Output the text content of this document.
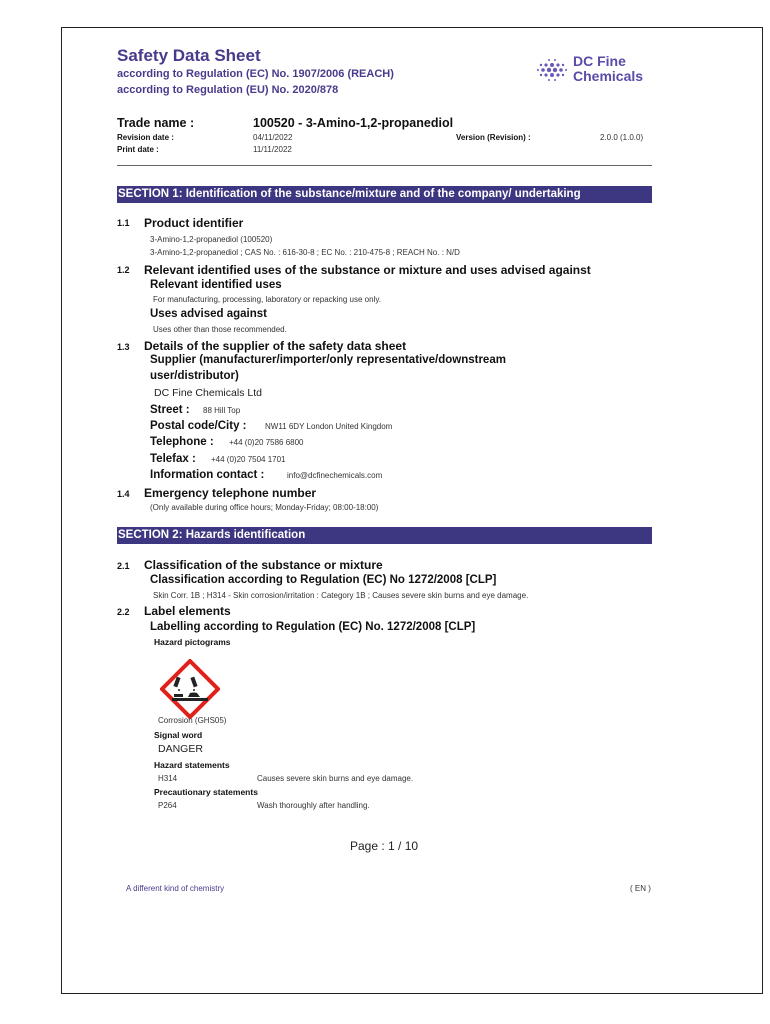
Safety Data Sheet
according to Regulation (EC) No. 1907/2006 (REACH)
according to Regulation (EU) No. 2020/878
DC Fine
Chemicals
Trade name :	100520 - 3-Amino-1,2-propanediol
Revision date :	04/11/2022
Print date :	11/11/2022
Version (Revision) :	2.0.0 (1.0.0)
SECTION 1: Identification of the substance/mixture and of the company/ undertaking
1.1 Product identifier
3-Amino-1,2-propanediol (100520)
3-Amino-1,2-propanediol ; CAS No. : 616-30-8 ; EC No. : 210-475-8 ; REACH No. : N/D
1.2 Relevant identified uses of the substance or mixture and uses advised against
Relevant identified uses
For manufacturing, processing, laboratory or repacking use only.
Uses advised against
Uses other than those recommended.
1.3 Details of the supplier of the safety data sheet
Supplier (manufacturer/importer/only representative/downstream
user/distributor)
DC Fine Chemicals Ltd
Street : 88 Hill Top
Postal code/City : NW11 6DY London United Kingdom
Telephone : +44 (0)20 7586 6800
Telefax : +44 (0)20 7504 1701
Information contact :	info@dcfinechemicals.com
1.4 Emergency telephone number
(Only available during office hours; Monday-Friday; 08:00-18:00)
SECTION 2: Hazards identification
2.1 Classification of the substance or mixture
Classification according to Regulation (EC) No 1272/2008 [CLP]
Skin Corr. 1B ; H314 - Skin corrosion/irritation : Category 1B ; Causes severe skin burns and eye damage.
2.2 Label elements
Labelling according to Regulation (EC) No. 1272/2008 [CLP]
Hazard pictograms
Corrosion (GHS05)
Signal word
DANGER
Hazard statements
H314	Causes severe skin burns and eye damage.
Precautionary statements
P264	Wash thoroughly after handling.
Page : 1 / 10
A different kind of chemistry	( EN )
